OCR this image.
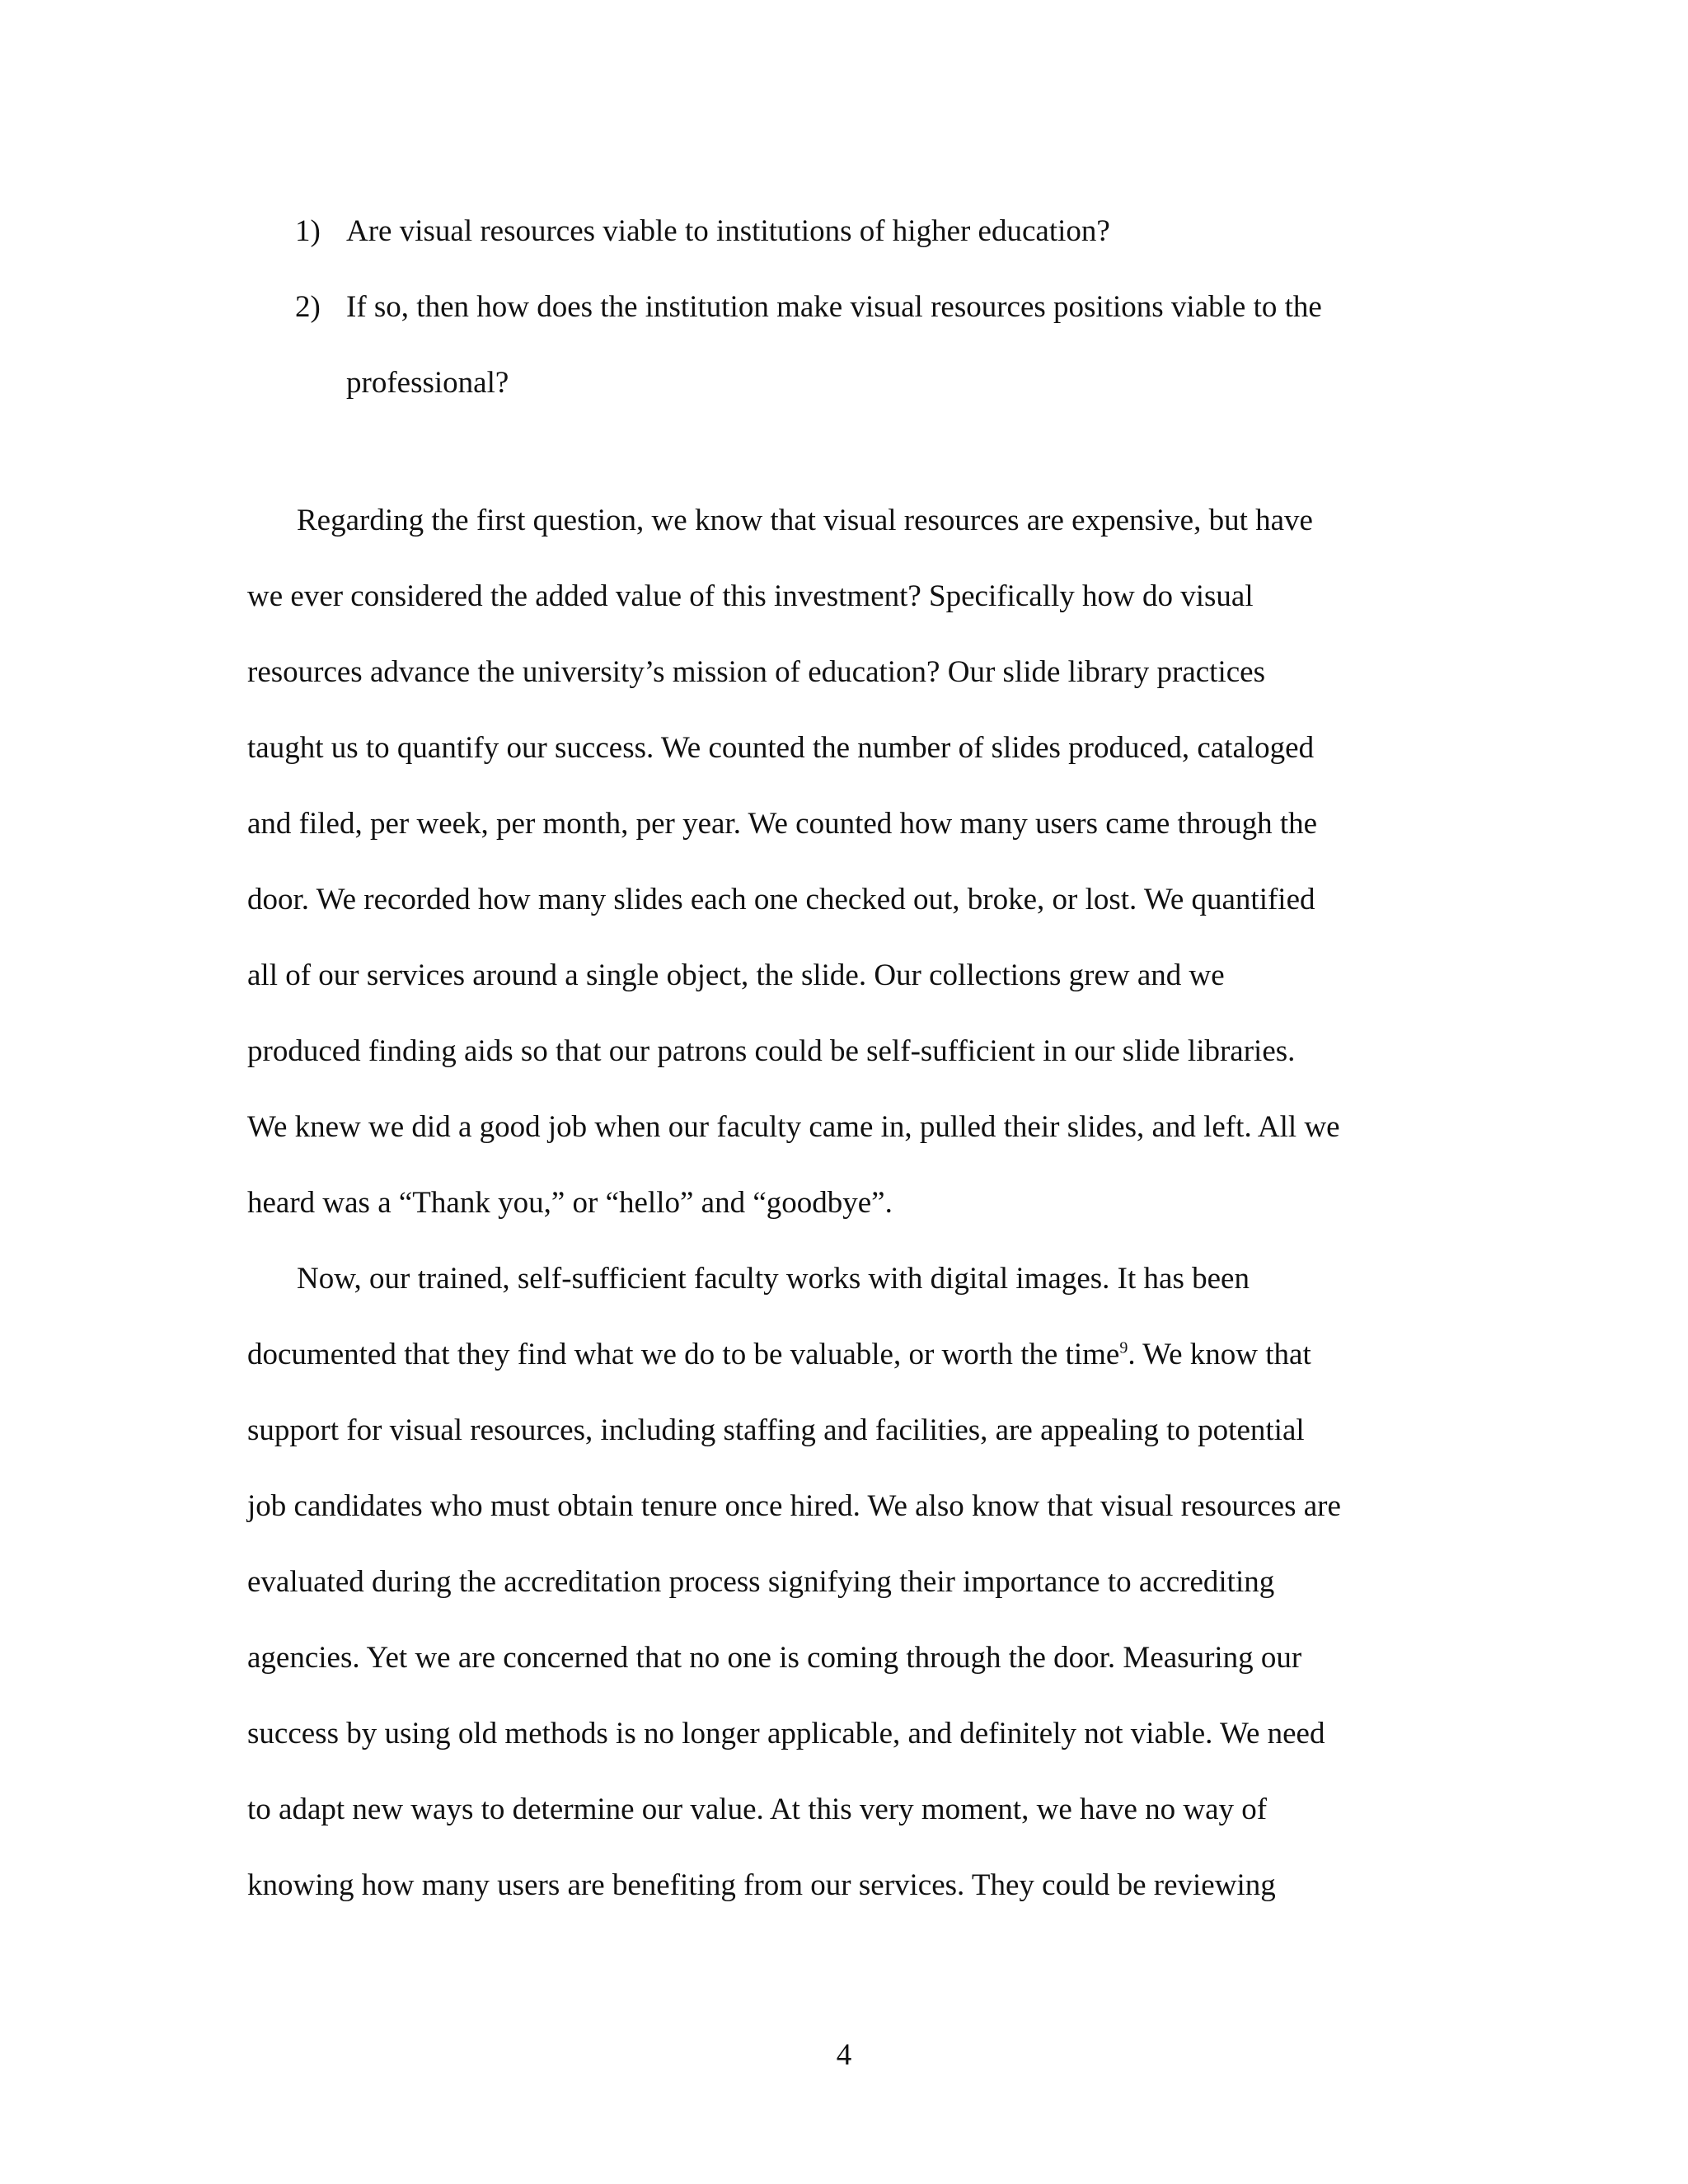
1) Are visual resources viable to institutions of higher education?
2) If so, then how does the institution make visual resources positions viable to the
professional?

Regarding the first question, we know that visual resources are expensive, but have
we ever considered the added value of this investment? Specifically how do visual
resources advance the university’s mission of education? Our slide library practices
taught us to quantify our success. We counted the number of slides produced, cataloged
and filed, per week, per month, per year. We counted how many users came through the
door. We recorded how many slides each one checked out, broke, or lost. We quantified
all of our services around a single object, the slide. Our collections grew and we
produced finding aids so that our patrons could be self-sufficient in our slide libraries.
We knew we did a good job when our faculty came in, pulled their slides, and left. All we
heard was a “Thank you,” or “hello” and “goodbye”.

Now, our trained, self-sufficient faculty works with digital images. It has been
documented that they find what we do to be valuable, or worth the time$^9$. We know that
support for visual resources, including staffing and facilities, are appealing to potential
job candidates who must obtain tenure once hired. We also know that visual resources are
evaluated during the accreditation process signifying their importance to accrediting
agencies. Yet we are concerned that no one is coming through the door. Measuring our
success by using old methods is no longer applicable, and definitely not viable. We need
to adapt new ways to determine our value. At this very moment, we have no way of
knowing how many users are benefiting from our services. They could be reviewing

4
